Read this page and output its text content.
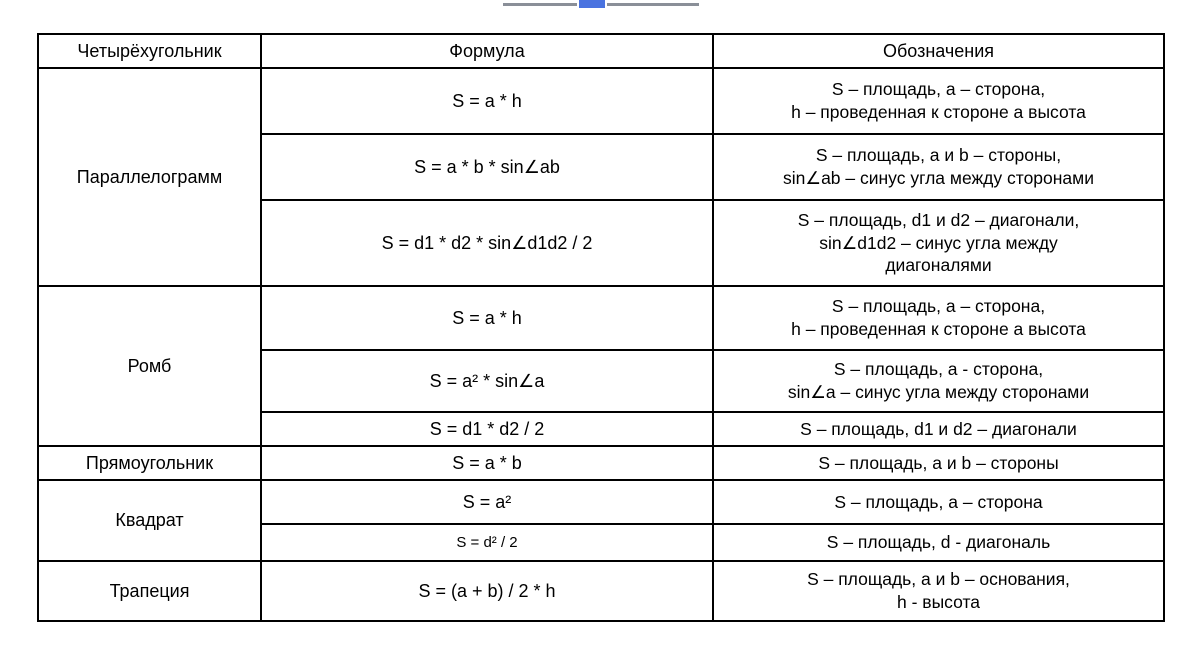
Четырёхугольник	Формула	Обозначения
Параллелограмм	S = a * h	S – площадь, a – сторона,
h – проведенная к стороне a высота

	S = a * b * sin∠ab	S – площадь, a и b – стороны,
sin∠ab – синус угла между сторонами

	S = d1 * d2 * sin∠d1d2 / 2	S – площадь, d1 и d2 – диагонали,
sin∠d1d2 – синус угла между
диагоналями

Ромб	S = a * h	S – площадь, a – сторона,
h – проведенная к стороне a высота

	S = a² * sin∠a	S – площадь, a - сторона,
sin∠a – синус угла между сторонами

	S = d1 * d2 / 2	S – площадь, d1 и d2 – диагонали

Прямоугольник	S = a * b	S – площадь, a и b – стороны

Квадрат	S = a²	S – площадь, a – сторона

	S = d² / 2	S – площадь, d - диагональ

Трапеция	S = (a + b) / 2 * h	S – площадь, a и b – основания,
h - высота
